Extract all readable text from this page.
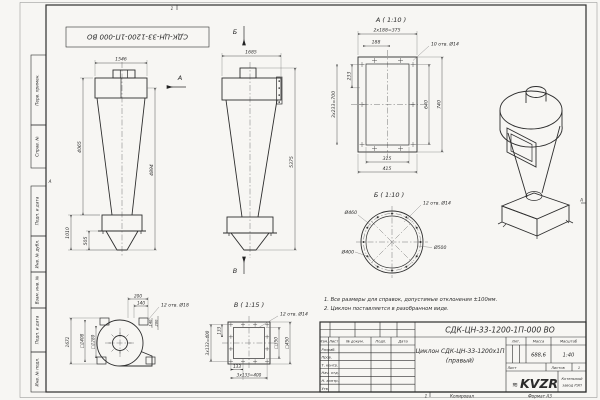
1
А
А
Перв. примен.
Справ. №
Подп. и дата
Инв. № дубл.
Взам. инв. №
Подп. и дата
Инв. № подл.
СДК-ЦН-33-1200-1П-000 ВО
1546
4065
4894
1010
505
А
Б
1685
5375
В
А ( 1:10 )
2х188=375
188	10 отв. Ø14
233
3х233=700	640 740
315
415
Б ( 1:10 )
12 отв. Ø14
Ø460
Ø400
Ø500
В ( 1:15 )
12 отв. Ø14
3х133=400 133
□350 □450
133
3х133=400
200
140
12 отв. Ø18
140 200
1672 □1408 □1280
1. Все размеры для справок, допустимые отклонения ±100мм.
2. Циклон поставляется в разобранном виде.
СДК-ЦН-33-1200-1П-000 ВО
Изм. Лист № докум.	Подп.	Дата
Разраб.
Пров.
Т. контр.
Нач. отд.
Н. контр.
Утв.
Циклон СДК-ЦН-33-1200х1П
(правый)
Лит.	Масса	Масштаб
688,6	1:40
Лист	Листов	1
≋ KVZR Котельный
завод РЭП
1	Копировал	Формат А3
